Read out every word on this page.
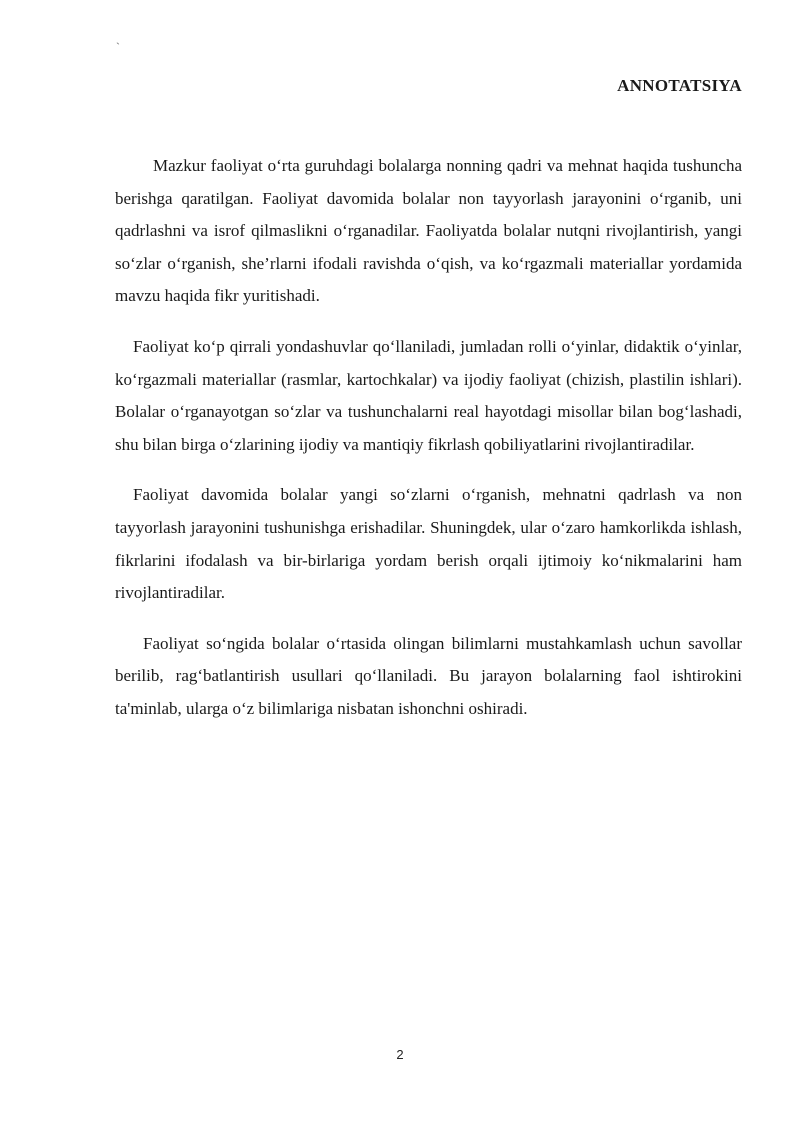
`
ANNOTATSIYA

Mazkur faoliyat o‘rta guruhdagi bolalarga nonning qadri va mehnat haqida tushuncha berishga qaratilgan. Faoliyat davomida bolalar non tayyorlash jarayonini o‘rganib, uni qadrlashni va isrof qilmaslikni o‘rganadilar. Faoliyatda bolalar nutqni rivojlantirish, yangi so‘zlar o‘rganish, she’rlarni ifodali ravishda o‘qish, va ko‘rgazmali materiallar yordamida mavzu haqida fikr yuritishadi.

Faoliyat ko‘p qirrali yondashuvlar qo‘llaniladi, jumladan rolli o‘yinlar, didaktik o‘yinlar, ko‘rgazmali materiallar (rasmlar, kartochkalar) va ijodiy faoliyat (chizish, plastilin ishlari). Bolalar o‘rganayotgan so‘zlar va tushunchalarni real hayotdagi misollar bilan bog‘lashadi, shu bilan birga o‘zlarining ijodiy va mantiqiy fikrlash qobiliyatlarini rivojlantiradilar.

Faoliyat davomida bolalar yangi so‘zlarni o‘rganish, mehnatni qadrlash va non tayyorlash jarayonini tushunishga erishadilar. Shuningdek, ular o‘zaro hamkorlikda ishlash, fikrlarini ifodalash va bir-birlariga yordam berish orqali ijtimoiy ko‘nikmalarini ham rivojlantiradilar.

Faoliyat so‘ngida bolalar o‘rtasida olingan bilimlarni mustahkamlash uchun savollar berilib, rag‘batlantirish usullari qo‘llaniladi. Bu jarayon bolalarning faol ishtirokini ta'minlab, ularga o‘z bilimlariga nisbatan ishonchni oshiradi.

2
